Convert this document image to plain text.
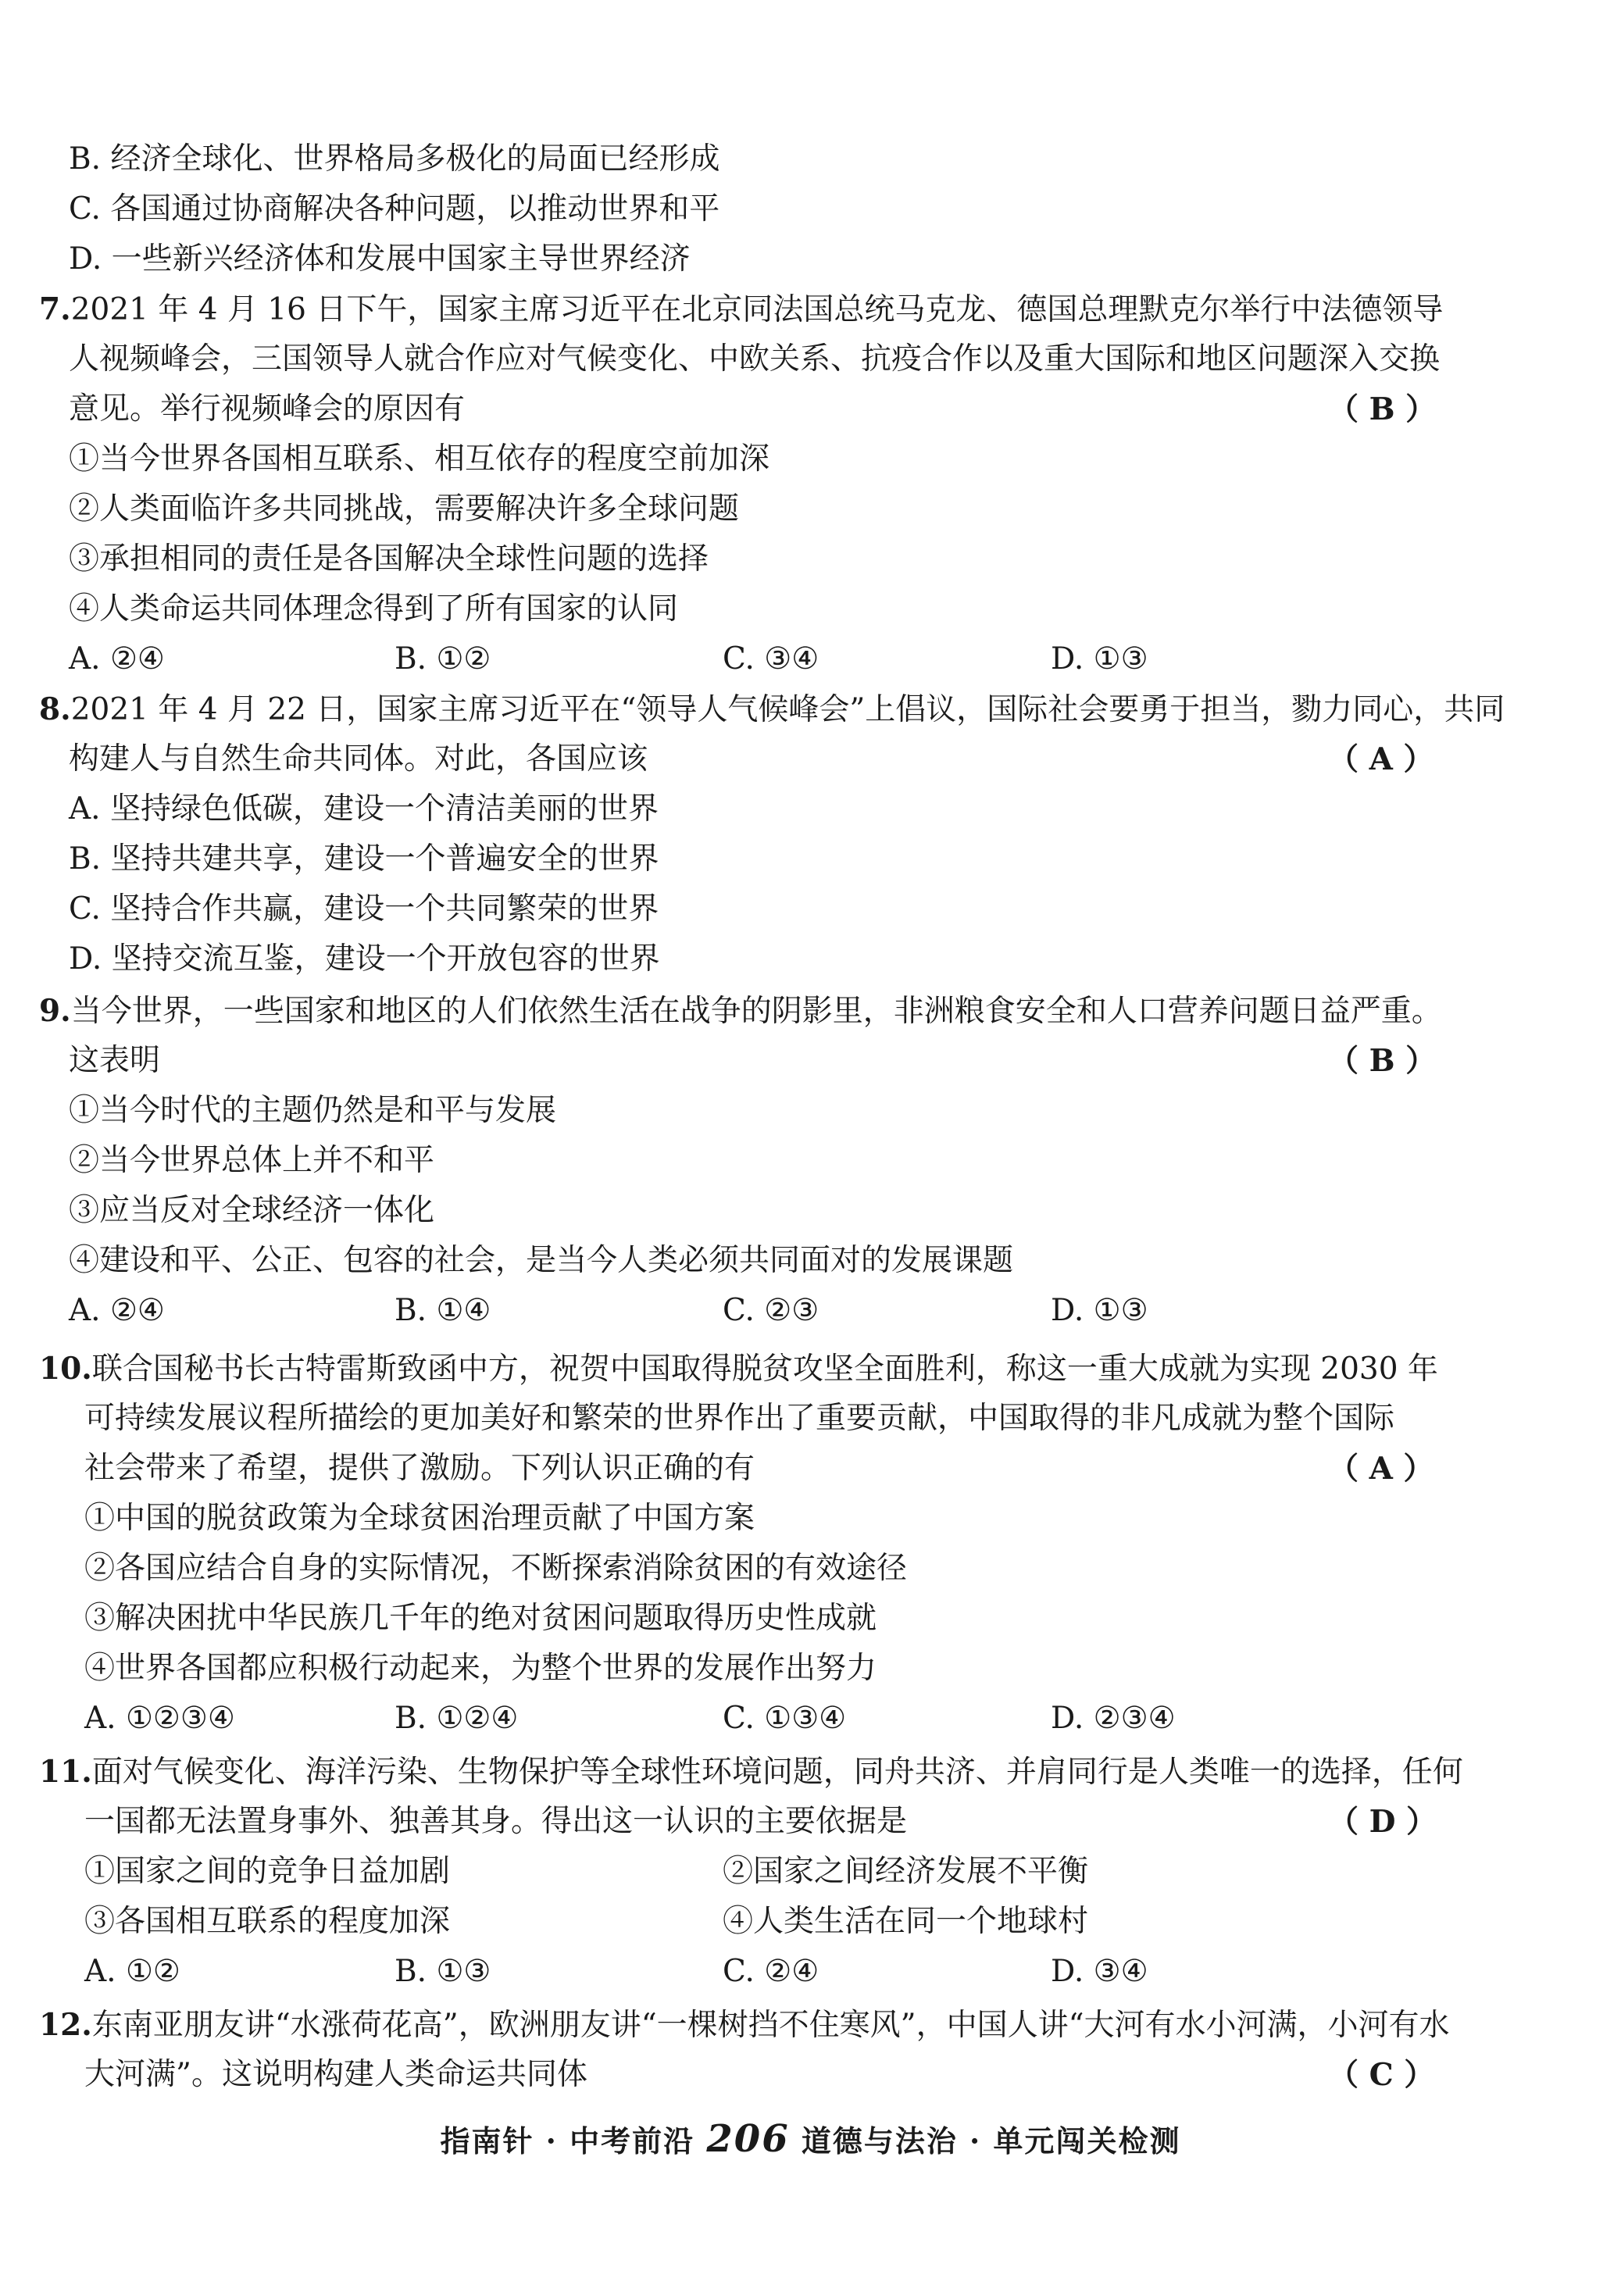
B. 经济全球化、世界格局多极化的局面已经形成
C. 各国通过协商解决各种问题，以推动世界和平
D. 一些新兴经济体和发展中国家主导世界经济
7.2021 年 4 月 16 日下午，国家主席习近平在北京同法国总统马克龙、德国总理默克尔举行中法德领导
人视频峰会，三国领导人就合作应对气候变化、中欧关系、抗疫合作以及重大国际和地区问题深入交换
意见。举行视频峰会的原因有	（ B ）
①当今世界各国相互联系、相互依存的程度空前加深
②人类面临许多共同挑战，需要解决许多全球问题
③承担相同的责任是各国解决全球性问题的选择
④人类命运共同体理念得到了所有国家的认同
A. ②④	B. ①②	C. ③④	D. ①③
8.2021 年 4 月 22 日，国家主席习近平在“领导人气候峰会”上倡议，国际社会要勇于担当，勠力同心，共同
构建人与自然生命共同体。对此，各国应该	（ A ）
A. 坚持绿色低碳，建设一个清洁美丽的世界
B. 坚持共建共享，建设一个普遍安全的世界
C. 坚持合作共赢，建设一个共同繁荣的世界
D. 坚持交流互鉴，建设一个开放包容的世界
9.当今世界，一些国家和地区的人们依然生活在战争的阴影里，非洲粮食安全和人口营养问题日益严重。
这表明	（ B ）
①当今时代的主题仍然是和平与发展
②当今世界总体上并不和平
③应当反对全球经济一体化
④建设和平、公正、包容的社会，是当今人类必须共同面对的发展课题
A. ②④	B. ①④	C. ②③	D. ①③
10.联合国秘书长古特雷斯致函中方，祝贺中国取得脱贫攻坚全面胜利，称这一重大成就为实现 2030 年
可持续发展议程所描绘的更加美好和繁荣的世界作出了重要贡献，中国取得的非凡成就为整个国际
社会带来了希望，提供了激励。下列认识正确的有	（ A ）
①中国的脱贫政策为全球贫困治理贡献了中国方案
②各国应结合自身的实际情况，不断探索消除贫困的有效途径
③解决困扰中华民族几千年的绝对贫困问题取得历史性成就
④世界各国都应积极行动起来，为整个世界的发展作出努力
A. ①②③④	B. ①②④	C. ①③④	D. ②③④
11.面对气候变化、海洋污染、生物保护等全球性环境问题，同舟共济、并肩同行是人类唯一的选择，任何
一国都无法置身事外、独善其身。得出这一认识的主要依据是	（ D ）
①国家之间的竞争日益加剧	②国家之间经济发展不平衡
③各国相互联系的程度加深	④人类生活在同一个地球村
A. ①②	B. ①③	C. ②④	D. ③④
12.东南亚朋友讲“水涨荷花高”，欧洲朋友讲“一棵树挡不住寒风”，中国人讲“大河有水小河满，小河有水
大河满”。这说明构建人类命运共同体	（ C ）
指南针 · 中考前沿 206 道德与法治 · 单元闯关检测
